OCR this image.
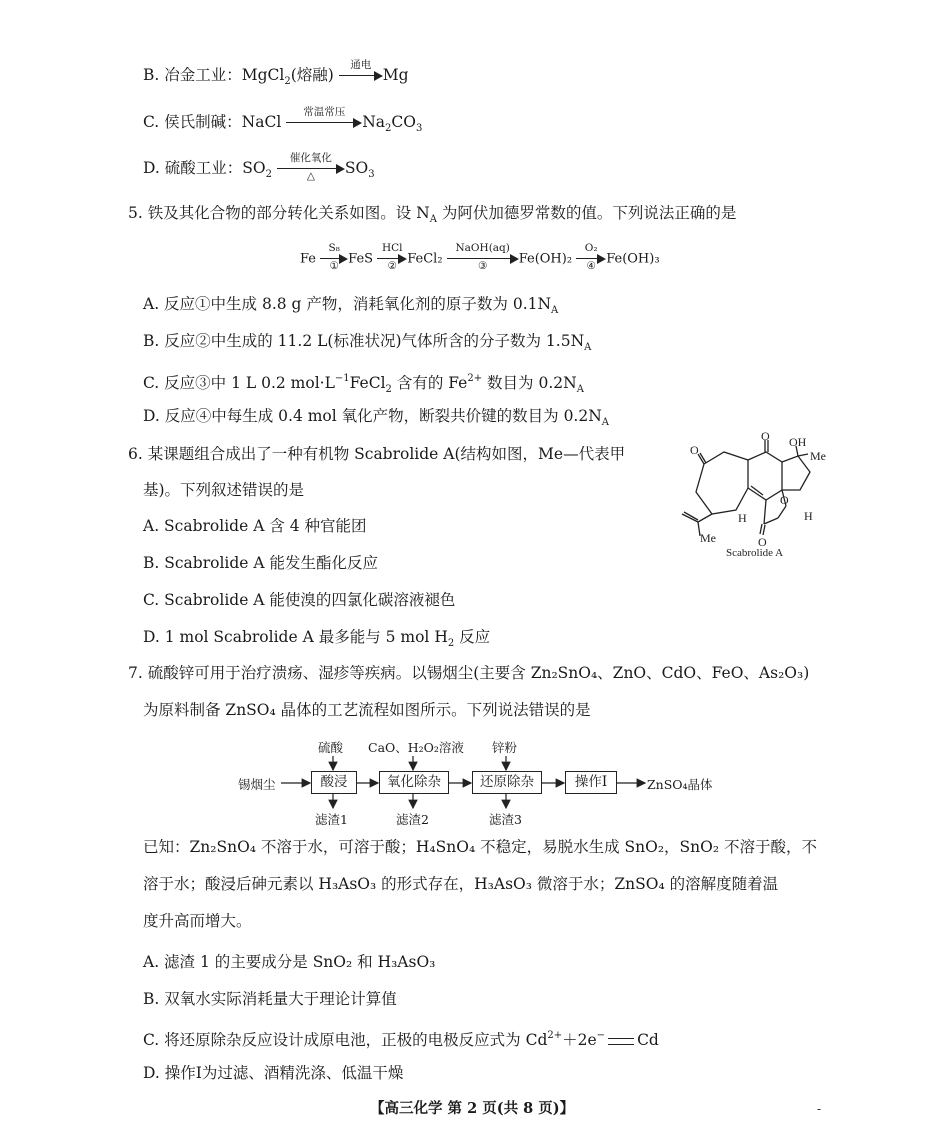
B. 冶金工业：MgCl$_2$(熔融)
通电
Mg
C. 侯氏制碱：NaCl
常温常压
$Na_2CO_3$
D. 硫酸工业：$SO_2$
催化氧化
△	$SO_3$
5. 铁及其化合物的部分转化关系如图。设 $N_A$ 为阿伏加德罗常数的值。下列说法正确的是
Fe
S₈
① FeS
HCl
② FeCl₂
NaOH(aq)
③	Fe(OH)₂
O₂
④ Fe(OH)₃
A. 反应①中生成 8.8 g 产物，消耗氧化剂的原子数为 $0.1N_A$
B. 反应②中生成的 11.2 L(标准状况)气体所含的分子数为 $1.5N_A$
C. 反应③中 1 L 0.2 $mol\cdot L^{-1}FeCl_2$ 含有的 $Fe^{2+}$ 数目为 $0.2N_A$
D. 反应④中每生成 0.4 mol 氧化产物，断裂共价键的数目为 $0.2N_A$
6. 某课题组合成出了一种有机物 Scabrolide A(结构如图，Me—代表甲
基)。下列叙述错误的是
A. Scabrolide A 含 4 种官能团
B. Scabrolide A 能发生酯化反应
C. Scabrolide A 能使溴的四氯化碳溶液褪色
D. 1 mol Scabrolide A 最多能与 5 mol $H_2$ 反应
O
O OH
Me
H
O
H
O
Me
Scabrolide A
7. 硫酸锌可用于治疗溃疡、湿疹等疾病。以锡烟尘(主要含 Zn₂SnO₄、ZnO、CdO、FeO、As₂O₃)
为原料制备 ZnSO₄ 晶体的工艺流程如图所示。下列说法错误的是
锡烟尘
硫酸 CaO、H₂O₂溶液 锌粉
酸浸	氧化除杂	还原除杂	操作Ⅰ	ZnSO₄晶体
滤渣1	滤渣2	滤渣3
已知：Zn₂SnO₄ 不溶于水，可溶于酸；H₄SnO₄ 不稳定，易脱水生成 SnO₂，SnO₂ 不溶于酸，不
溶于水；酸浸后砷元素以 H₃AsO₃ 的形式存在，H₃AsO₃ 微溶于水；ZnSO₄ 的溶解度随着温
度升高而增大。
A. 滤渣 1 的主要成分是 SnO₂ 和 H₃AsO₃
B. 双氧水实际消耗量大于理论计算值
C. 将还原除杂反应设计成原电池，正极的电极反应式为 $Cd^{2+}+2e^-$ Cd
D. 操作Ⅰ为过滤、酒精洗涤、低温干燥
【高三化学 第 2 页(共 8 页)】	‐
